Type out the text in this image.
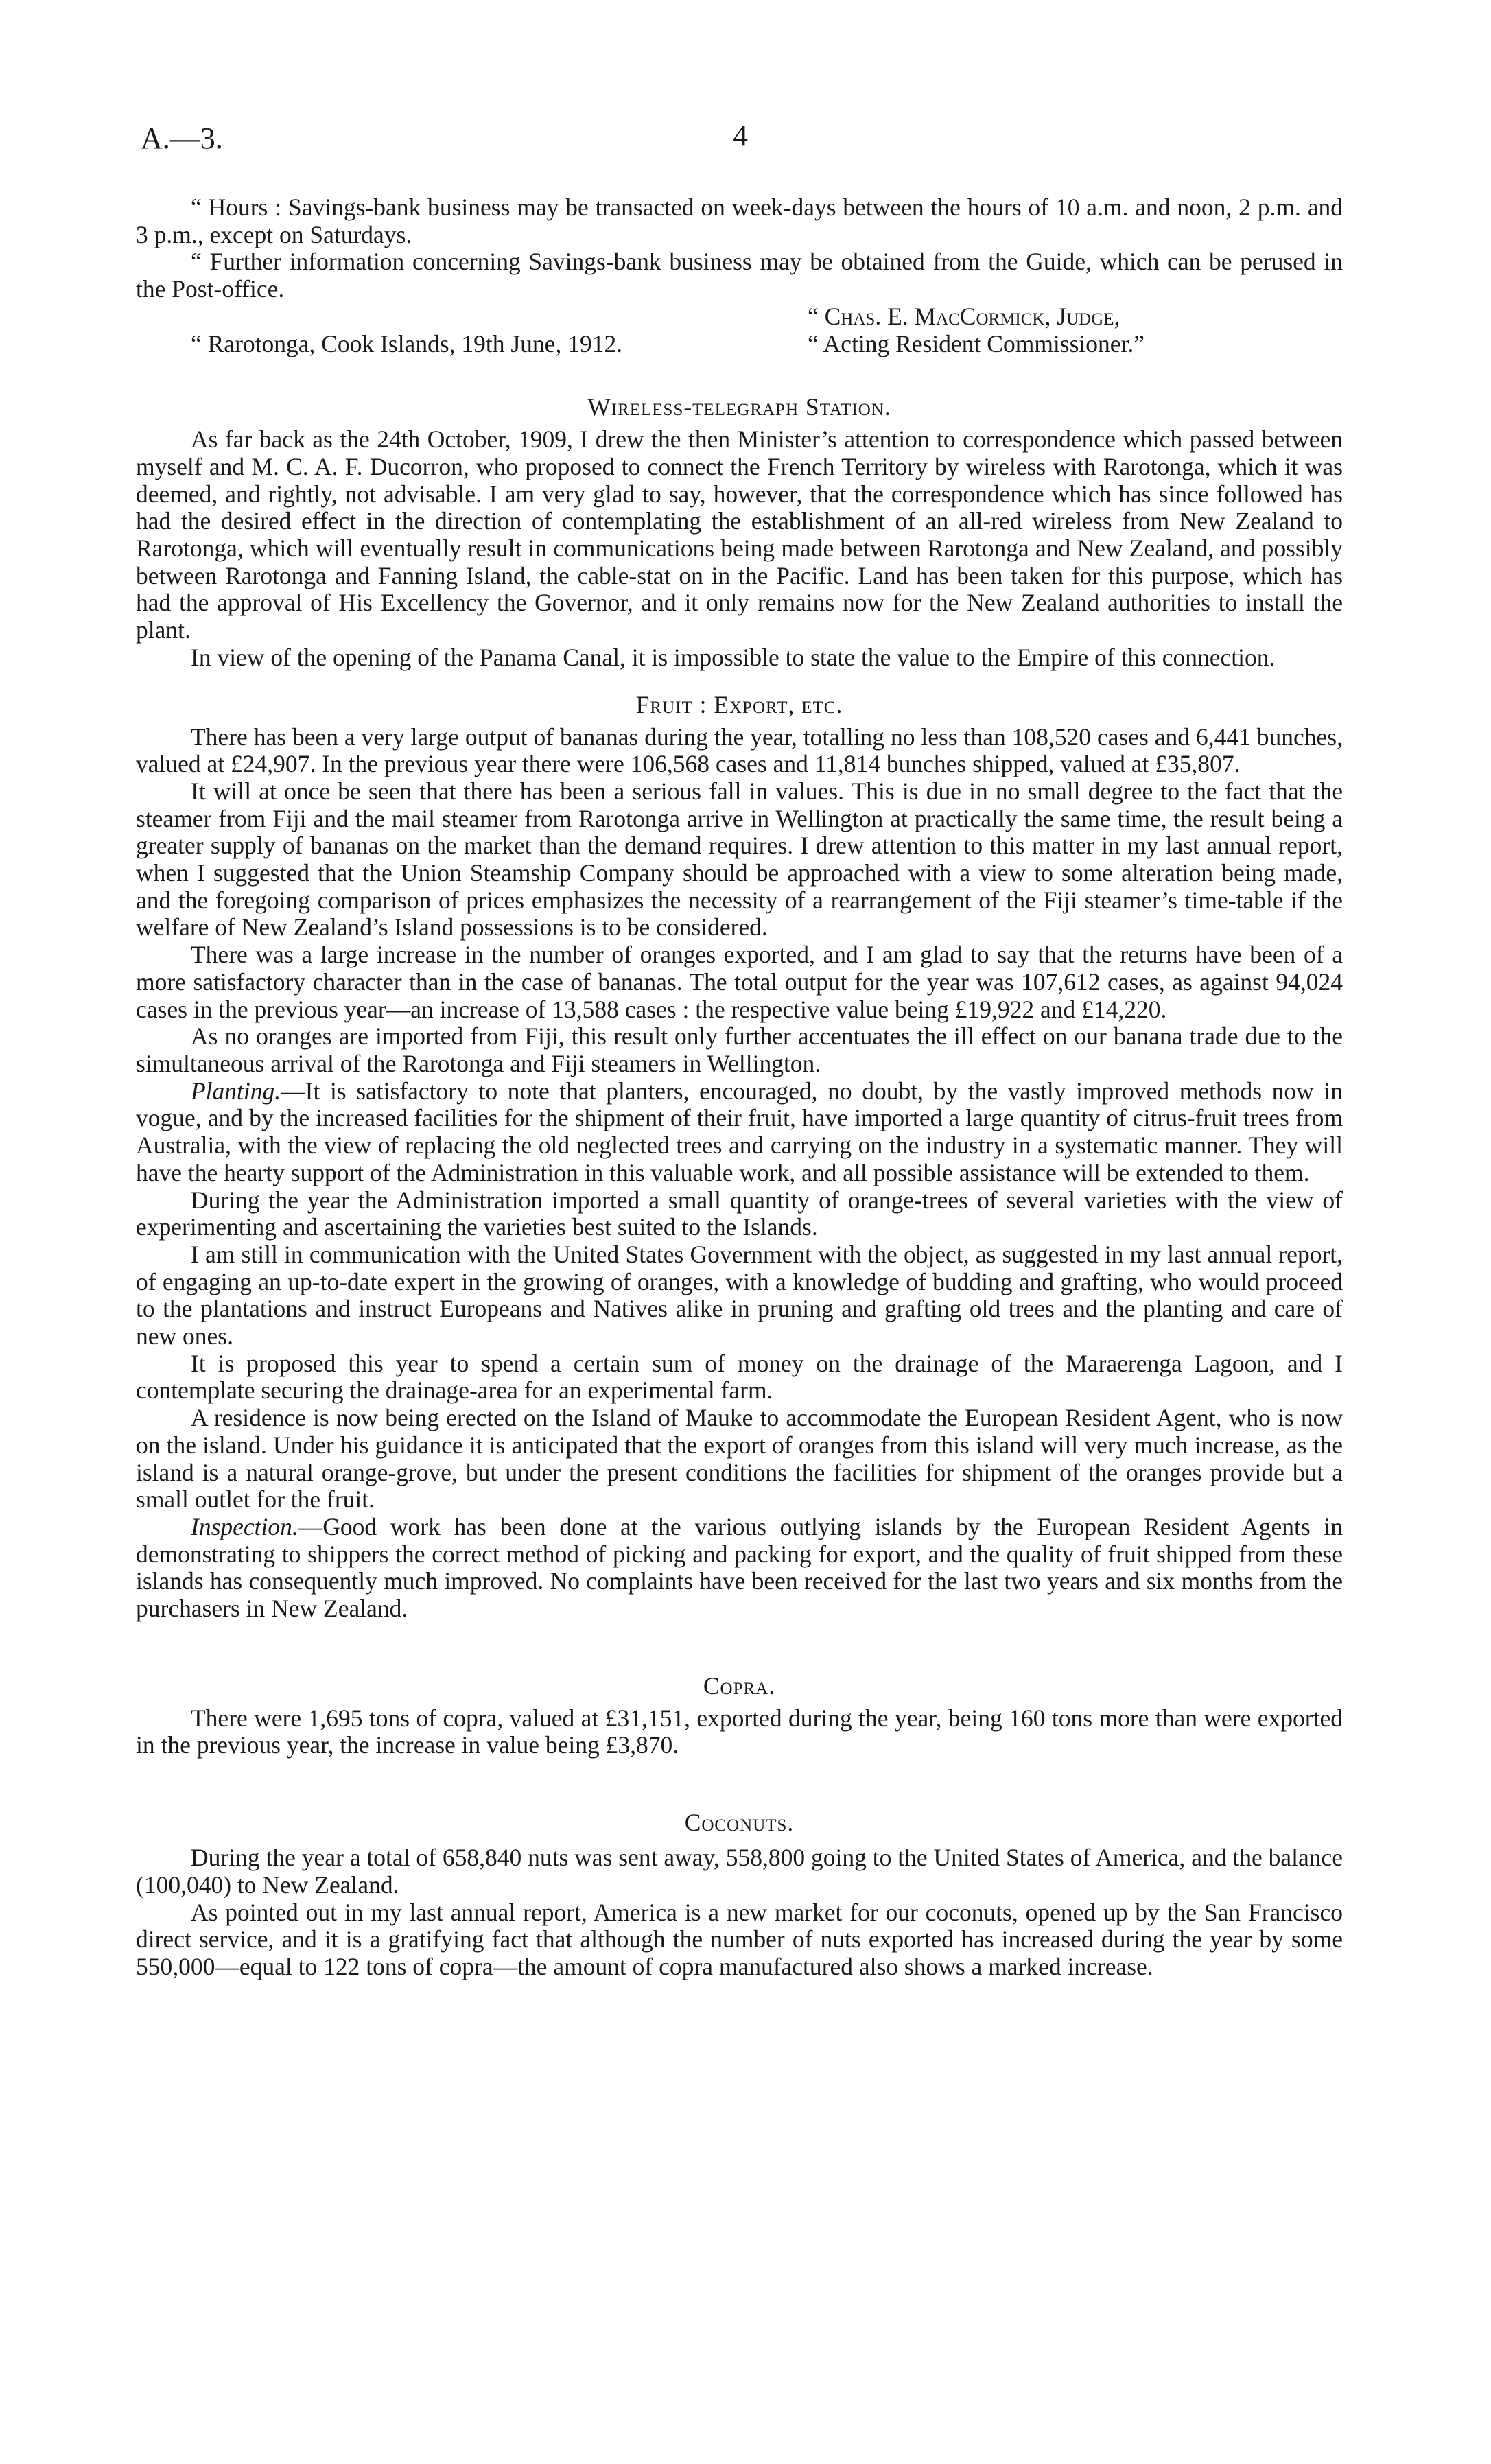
A.—3.	4

“ Hours : Savings-bank business may be transacted on week-days between the hours of 10 a.m. and noon, 2 p.m. and 3 p.m., except on Saturdays.

“ Further information concerning Savings-bank business may be obtained from the Guide, which can be perused in the Post-office.

“ Chas. E. MacCormick, Judge,
“ Rarotonga, Cook Islands, 19th June, 1912.	“ Acting Resident Commissioner.”
Wireless-telegraph Station.

As far back as the 24th October, 1909, I drew the then Minister’s attention to correspondence which passed between myself and M. C. A. F. Ducorron, who proposed to connect the French Territory by wireless with Rarotonga, which it was deemed, and rightly, not advisable. I am very glad to say, however, that the correspondence which has since followed has had the desired effect in the direction of contemplating the establishment of an all-red wireless from New Zealand to Rarotonga, which will eventually result in communications being made between Rarotonga and New Zealand, and possibly between Rarotonga and Fanning Island, the cable-stat on in the Pacific. Land has been taken for this purpose, which has had the approval of His Excellency the Governor, and it only remains now for the New Zealand authorities to install the plant.

In view of the opening of the Panama Canal, it is impossible to state the value to the Empire of this connection.

Fruit : Export, etc.

There has been a very large output of bananas during the year, totalling no less than 108,520 cases and 6,441 bunches, valued at £24,907. In the previous year there were 106,568 cases and 11,814 bunches shipped, valued at £35,807.

It will at once be seen that there has been a serious fall in values. This is due in no small degree to the fact that the steamer from Fiji and the mail steamer from Rarotonga arrive in Wellington at practically the same time, the result being a greater supply of bananas on the market than the demand requires. I drew attention to this matter in my last annual report, when I suggested that the Union Steamship Company should be approached with a view to some alteration being made, and the foregoing comparison of prices emphasizes the necessity of a rearrangement of the Fiji steamer’s time-table if the welfare of New Zealand’s Island possessions is to be considered.

There was a large increase in the number of oranges exported, and I am glad to say that the returns have been of a more satisfactory character than in the case of bananas. The total output for the year was 107,612 cases, as against 94,024 cases in the previous year—an increase of 13,588 cases : the respective value being £19,922 and £14,220.

As no oranges are imported from Fiji, this result only further accentuates the ill effect on our banana trade due to the simultaneous arrival of the Rarotonga and Fiji steamers in Wellington.

Planting.—It is satisfactory to note that planters, encouraged, no doubt, by the vastly improved methods now in vogue, and by the increased facilities for the shipment of their fruit, have imported a large quantity of citrus-fruit trees from Australia, with the view of replacing the old neglected trees and carrying on the industry in a systematic manner. They will have the hearty support of the Administration in this valuable work, and all possible assistance will be extended to them.

During the year the Administration imported a small quantity of orange-trees of several varieties with the view of experimenting and ascertaining the varieties best suited to the Islands.

I am still in communication with the United States Government with the object, as suggested in my last annual report, of engaging an up-to-date expert in the growing of oranges, with a knowledge of budding and grafting, who would proceed to the plantations and instruct Europeans and Natives alike in pruning and grafting old trees and the planting and care of new ones.

It is proposed this year to spend a certain sum of money on the drainage of the Maraerenga Lagoon, and I contemplate securing the drainage-area for an experimental farm.

A residence is now being erected on the Island of Mauke to accommodate the European Resident Agent, who is now on the island. Under his guidance it is anticipated that the export of oranges from this island will very much increase, as the island is a natural orange-grove, but under the present conditions the facilities for shipment of the oranges provide but a small outlet for the fruit.

Inspection.—Good work has been done at the various outlying islands by the European Resident Agents in demonstrating to shippers the correct method of picking and packing for export, and the quality of fruit shipped from these islands has consequently much improved. No complaints have been received for the last two years and six months from the purchasers in New Zealand.

Copra.

There were 1,695 tons of copra, valued at £31,151, exported during the year, being 160 tons more than were exported in the previous year, the increase in value being £3,870.

Coconuts.

During the year a total of 658,840 nuts was sent away, 558,800 going to the United States of America, and the balance (100,040) to New Zealand.

As pointed out in my last annual report, America is a new market for our coconuts, opened up by the San Francisco direct service, and it is a gratifying fact that although the number of nuts exported has increased during the year by some 550,000—equal to 122 tons of copra—the amount of copra manufactured also shows a marked increase.
